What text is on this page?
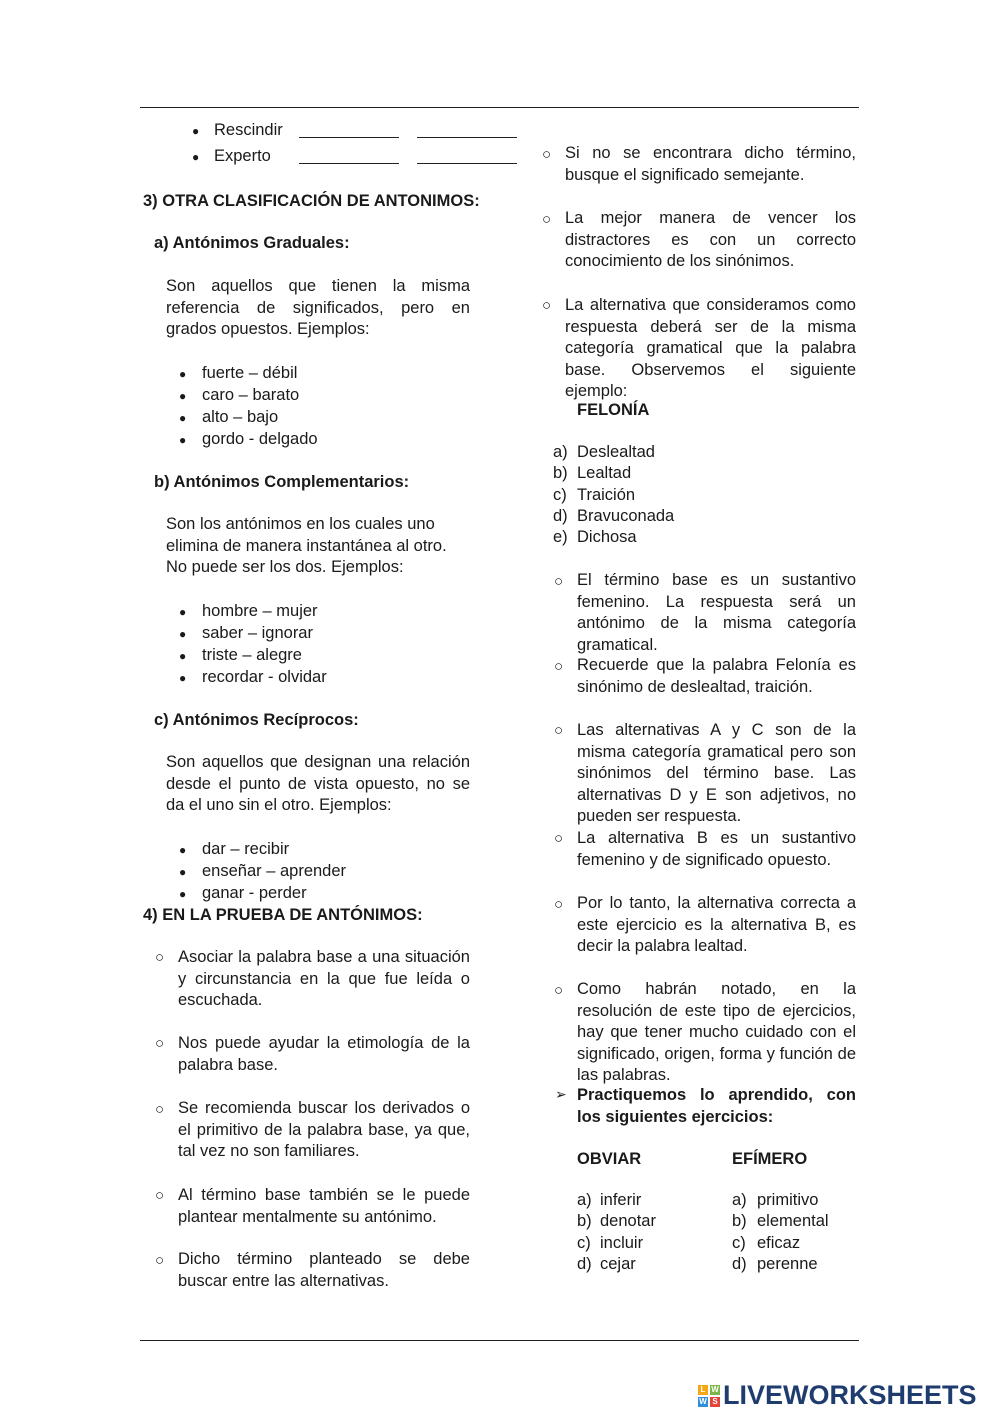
● Rescindir
● Experto
3) OTRA CLASIFICACIÓN DE ANTONIMOS:
a) Antónimos Graduales:
Son aquellos que tienen la misma referencia de significados, pero en grados opuestos. Ejemplos:
● fuerte – débil
● caro – barato
● alto – bajo
● gordo - delgado
b) Antónimos Complementarios:
Son los antónimos en los cuales uno elimina de manera instantánea al otro. No puede ser los dos. Ejemplos:
● hombre – mujer
● saber – ignorar
● triste – alegre
● recordar - olvidar
c) Antónimos Recíprocos:
Son aquellos que designan una relación desde el punto de vista opuesto, no se da el uno sin el otro. Ejemplos:
● dar – recibir
● enseñar – aprender
● ganar - perder
4) EN LA PRUEBA DE ANTÓNIMOS:
○ Asociar la palabra base a una situación y circunstancia en la que fue leída o escuchada.
○ Nos puede ayudar la etimología de la palabra base.
○ Se recomienda buscar los derivados o el primitivo de la palabra base, ya que, tal vez no son familiares.
○ Al término base también se le puede plantear mentalmente su antónimo.
○ Dicho término planteado se debe buscar entre las alternativas.
○ Si no se encontrara dicho término, busque el significado semejante.
○ La mejor manera de vencer los distractores es con un correcto conocimiento de los sinónimos.
○ La alternativa que consideramos como respuesta deberá ser de la misma categoría gramatical que la palabra base. Observemos el siguiente ejemplo:
FELONÍA
a) Deslealtad
b) Lealtad
c) Traición
d) Bravuconada
e) Dichosa
○ El término base es un sustantivo femenino. La respuesta será un antónimo de la misma categoría gramatical.
○ Recuerde que la palabra Felonía es sinónimo de deslealtad, traición.
○ Las alternativas A y C son de la misma categoría gramatical pero son sinónimos del término base. Las alternativas D y E son adjetivos, no pueden ser respuesta.
○ La alternativa B es un sustantivo femenino y de significado opuesto.
○ Por lo tanto, la alternativa correcta a este ejercicio es la alternativa B, es decir la palabra lealtad.
○ Como habrán notado, en la resolución de este tipo de ejercicios, hay que tener mucho cuidado con el significado, origen, forma y función de las palabras.
➢ Practiquemos lo aprendido, con los siguientes ejercicios:
OBVIAR
a) inferir
b) denotar
c) incluir
d) cejar
EFÍMERO
a) primitivo
b) elemental
c) eficaz
d) perenne
L W
W S LIVEWORKSHEETS
